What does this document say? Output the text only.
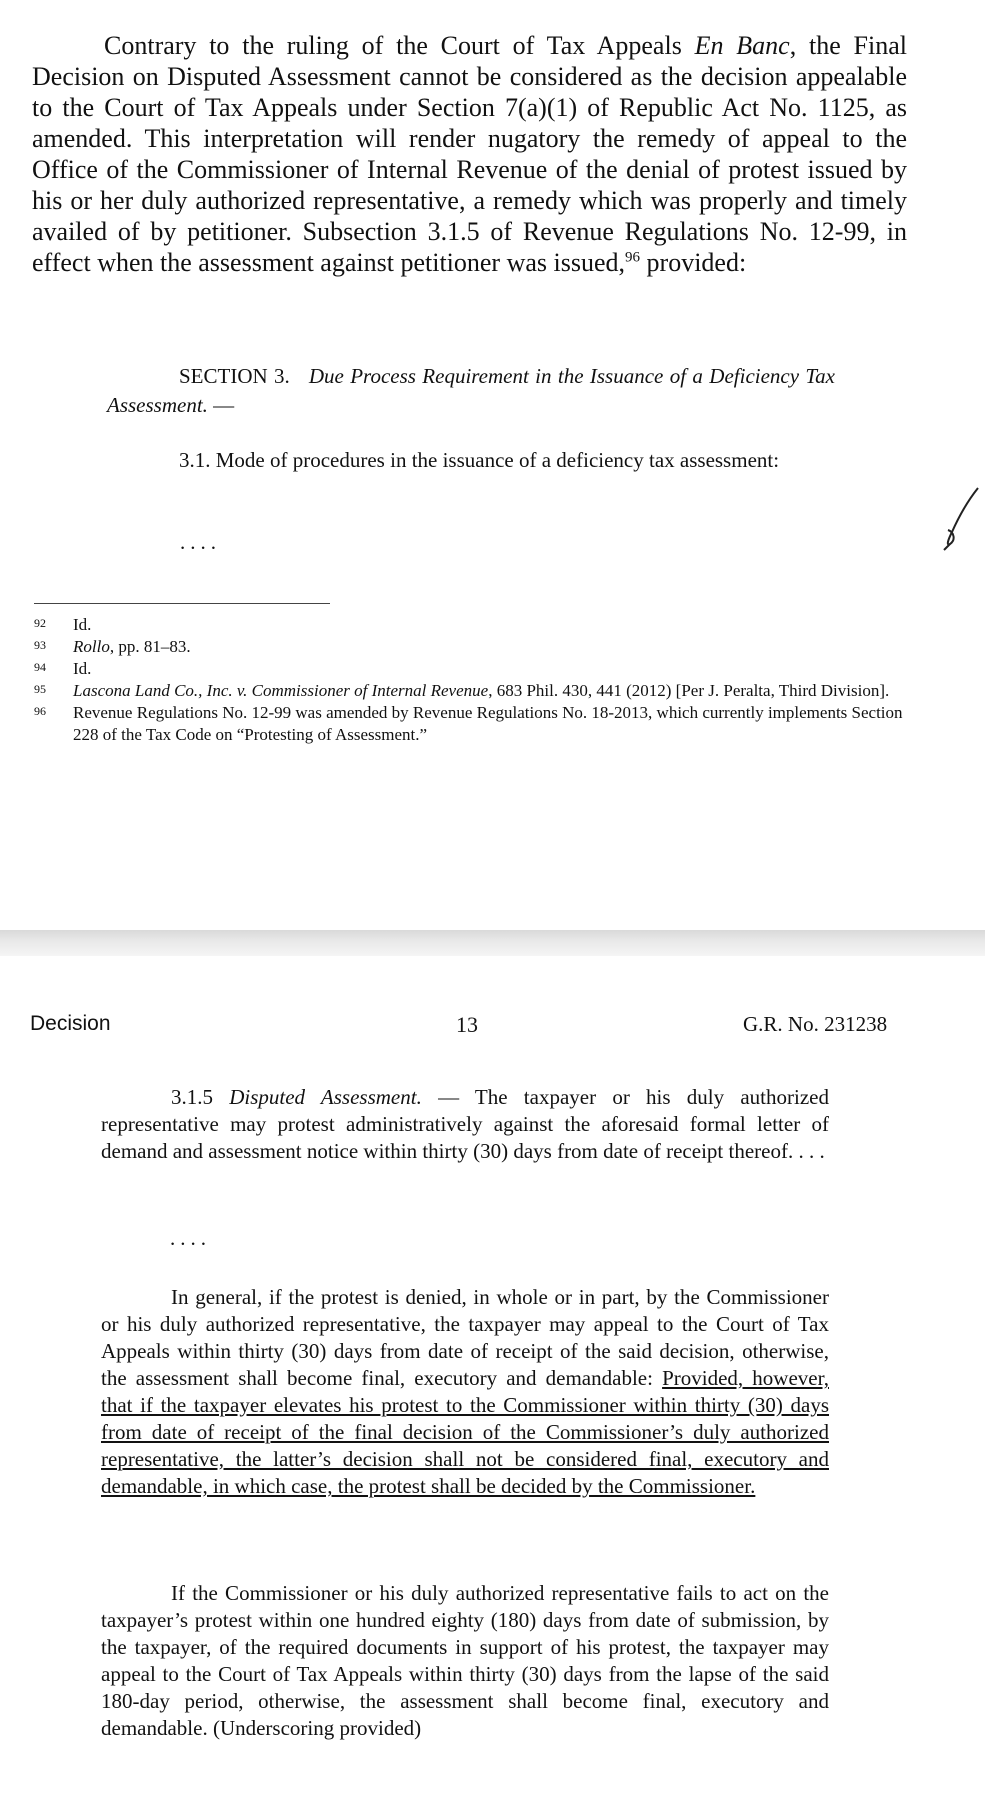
Contrary to the ruling of the Court of Tax Appeals En Banc, the Final Decision on Disputed Assessment cannot be considered as the decision appealable to the Court of Tax Appeals under Section 7(a)(1) of Republic Act No. 1125, as amended. This interpretation will render nugatory the remedy of appeal to the Office of the Commissioner of Internal Revenue of the denial of protest issued by his or her duly authorized representative, a remedy which was properly and timely availed of by petitioner. Subsection 3.1.5 of Revenue Regulations No. 12-99, in effect when the assessment against petitioner was issued,$^{96}$ provided:

SECTION 3. Due Process Requirement in the Issuance of a Deficiency Tax Assessment. —

3.1. Mode of procedures in the issuance of a deficiency tax assessment:

....

92	Id.
93	Rollo, pp. 81–83.
94	Id.
95	Lascona Land Co., Inc. v. Commissioner of Internal Revenue, 683 Phil. 430, 441 (2012) [Per J. Peralta, Third Division].
96	Revenue Regulations No. 12-99 was amended by Revenue Regulations No. 18-2013, which currently implements Section 228 of the Tax Code on “Protesting of Assessment.”

Decision	13	G.R. No. 231238

3.1.5 Disputed Assessment. — The taxpayer or his duly authorized representative may protest administratively against the aforesaid formal letter of demand and assessment notice within thirty (30) days from date of receipt thereof. . . .

....

In general, if the protest is denied, in whole or in part, by the Commissioner or his duly authorized representative, the taxpayer may appeal to the Court of Tax Appeals within thirty (30) days from date of receipt of the said decision, otherwise, the assessment shall become final, executory and demandable: Provided, however, that if the taxpayer elevates his protest to the Commissioner within thirty (30) days from date of receipt of the final decision of the Commissioner’s duly authorized representative, the latter’s decision shall not be considered final, executory and demandable, in which case, the protest shall be decided by the Commissioner.

If the Commissioner or his duly authorized representative fails to act on the taxpayer’s protest within one hundred eighty (180) days from date of submission, by the taxpayer, of the required documents in support of his protest, the taxpayer may appeal to the Court of Tax Appeals within thirty (30) days from the lapse of the said 180-day period, otherwise, the assessment shall become final, executory and demandable. (Underscoring provided)
